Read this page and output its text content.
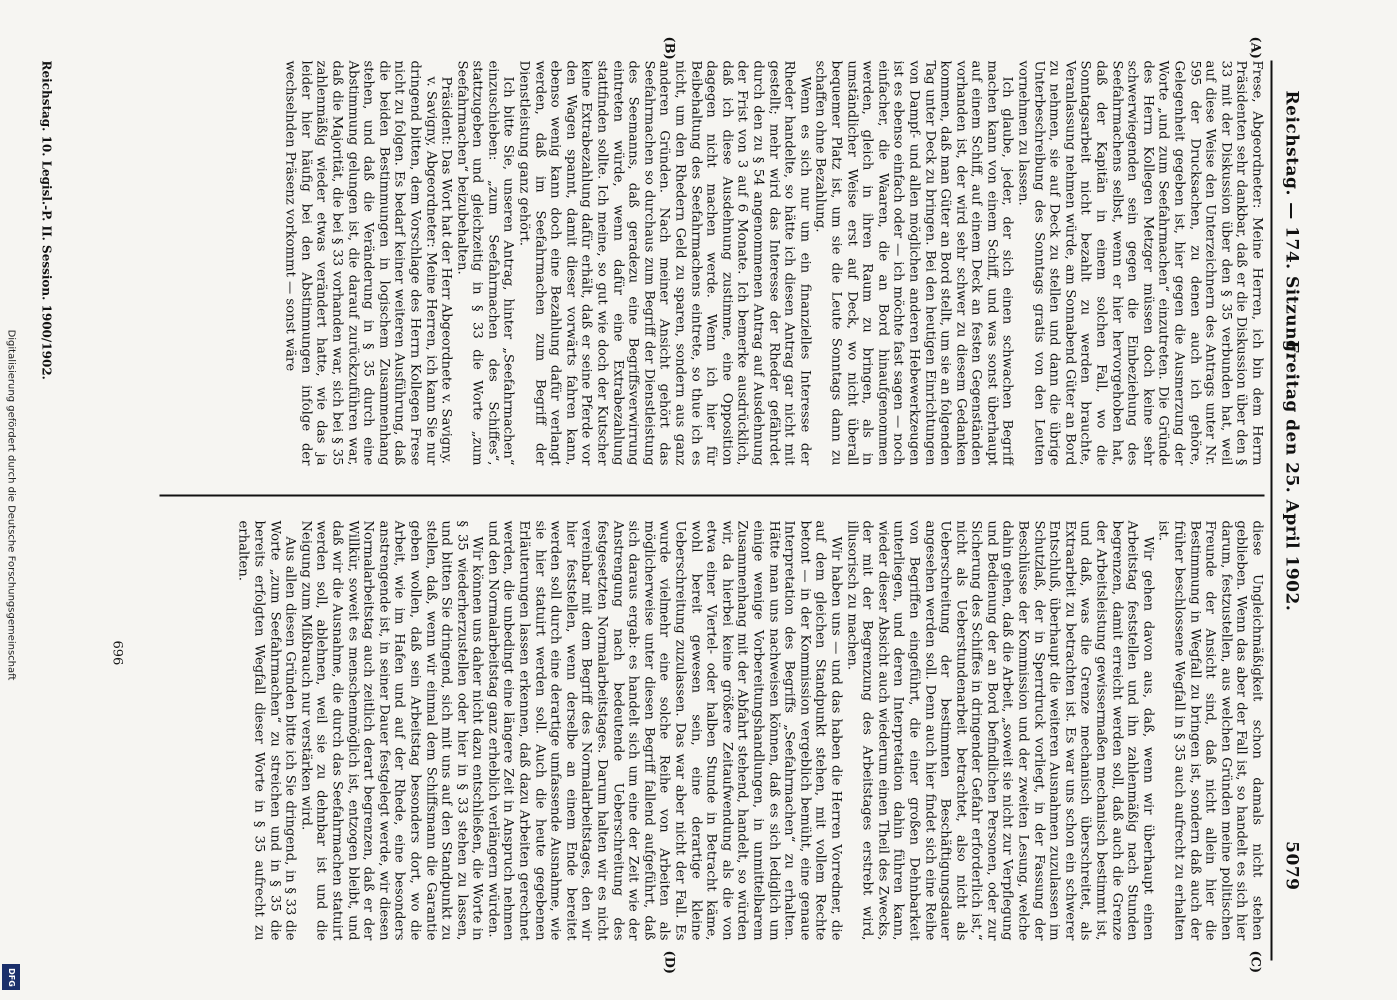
Reichstag. — 174. Sitzung.
Freitag den 25. April 1902.
5079
(A)
(B)
(C)
(D)

Frese, Abgeordneter: Meine Herren, ich bin dem Herrn Präsidenten sehr dankbar, daß er die Diskussion über den § 33 mit der Diskussion über den § 35 verbunden hat, weil auf diese Weise den Unterzeichnern des Antrags unter Nr. 595 der Drucksachen, zu denen auch ich gehöre, Gelegenheit gegeben ist, hier gegen die Ausmerzung der Worte „und zum Seefahrmachen“ einzutreten. Die Gründe des Herrn Kollegen Metzger müssen doch keine sehr schwerwiegenden sein gegen die Einbeziehung des Seefahrmachens selbst, wenn er hier hervorgehoben hat, daß der Kapitän in einem solchen Fall, wo die Sonntagsarbeit nicht bezahlt zu werden brauchte, Veranlassung nehmen würde, am Sonnabend Güter an Bord zu nehmen, sie auf Deck zu stellen und dann die übrige Unterbeschreibung des Sonntags gratis von den Leuten vornehmen zu lassen.

Ich glaube, jeder, der sich einen schwachen Begriff machen kann von einem Schiff, und was sonst überhaupt auf einem Schiff, auf einem Deck an festen Gegenständen vorhanden ist, der wird sehr schwer zu diesem Gedanken kommen, daß man Güter an Bord stellt, um sie an folgenden Tag unter Deck zu bringen. Bei den heutigen Einrichtungen von Dampf- und allen möglichen anderen Hebewerkzeugen ist es ebenso einfach oder — ich möchte fast sagen — noch einfacher, die Waaren, die an Bord hinaufgenommen werden, gleich in ihren Raum zu bringen, als in umständlicher Weise erst auf Deck, wo nicht überall bequemer Platz ist, um sie die Leute Sonntags dann zu schaffen ohne Bezahlung.

Wenn es sich nur um ein finanzielles Interesse der Rheder handelte, so hätte ich diesen Antrag gar nicht mit gestellt; mehr wird das Interesse der Rheder gefährdet durch den zu § 54 angenommenen Antrag auf Ausdehnung der Frist von 3 auf 6 Monate. Ich bemerke ausdrücklich, daß ich diese Ausdehnung zustimme, eine Opposition dagegen nicht machen werde. Wenn ich hier für Beibehaltung des Seefahrmachens eintrete, so thue ich es nicht, um den Rhedern Geld zu sparen, sondern aus ganz anderen Gründen. Nach meiner Ansicht gehört das Seefahrmachen so durchaus zum Begriff der Dienstleistung des Seemanns, daß geradezu eine Begriffsverwirrung eintreten würde, wenn dafür eine Extrabezahlung stattfinden sollte. Ich meine, so gut wie doch der Kutscher keine Extrabezahlung dafür erhält, daß er seine Pferde vor den Wagen spannt, damit dieser vorwärts fahren kann, ebenso wenig kann doch eine Bezahlung dafür verlangt werden, daß im Seefahrmachen zum Begriff der Dienstleistung ganz gehört.

Ich bitte Sie, unseren Antrag, hinter „Seefahrmachen“ einzuschieben: „zum Seefahrmachen des Schiffes“, stattzugeben und gleichzeitig in § 33 die Worte „zum Seefahrmachen“ beizubehalten.

Präsident: Das Wort hat der Herr Abgeordnete v. Savigny.

v. Savigny, Abgeordneter: Meine Herren, ich kann Sie nur dringend bitten, dem Vorschlage des Herrn Kollegen Frese nicht zu folgen. Es bedarf keiner weiteren Ausführung, daß die beiden Bestimmungen in logischem Zusammenhang stehen, und daß die Veränderung in § 35 durch eine Abstimmung gelungen ist, die darauf zurückzuführen war, daß die Majorität, die bei § 33 vorhanden war, sich bei § 35 zahlenmäßig wieder etwas verändert hatte, wie das ja leider hier häufig bei den Abstimmungen infolge der wechselnden Präsenz vorkommt — sonst wäre

diese Ungleichmäßigkeit schon damals nicht stehen geblieben. Wenn das aber der Fall ist, so handelt es sich hier darum, festzustellen, aus welchen Gründen meine politischen Freunde der Ansicht sind, daß nicht allein hier die Bestimmung in Wegfall zu bringen ist, sondern daß auch der früher beschlossene Wegfall in § 35 auch aufrecht zu erhalten ist.

Wir gehen davon aus, daß, wenn wir überhaupt einen Arbeitstag feststellen und ihn zahlenmäßig nach Stunden begrenzen, damit erreicht werden soll, daß auch die Grenze der Arbeitsleistung gewissermaßen mechanisch bestimmt ist, und daß, was die Grenze mechanisch überschreitet, als Extraarbeit zu betrachten ist. Es war uns schon ein schwerer Entschluß, überhaupt die weiteren Ausnahmen zuzulassen im Schutzlaß, der in Sperrdruck vorliegt, in der Fassung der Beschlüsse der Kommission und der zweiten Lesung, welche dahin gehen, daß die Arbeit, „soweit sie nicht zur Verpflegung und Bedienung der an Bord befindlichen Personen, oder zur Sicherung des Schiffes in dringender Gefahr erforderlich ist,“ nicht als Ueberstundenarbeit betrachtet, also nicht als Ueberschreitung der bestimmten Beschäftigungsdauer angesehen werden soll. Denn auch hier findet sich eine Reihe von Begriffen eingeführt, die einer großen Dehnbarkeit unterliegen, und deren Interpretation dahin führen kann, wieder dieser Absicht auch wiederum einen Theil des Zwecks, der mit der Begrenzung des Arbeitstages erstrebt wird, illusorisch zu machen.

Wir haben uns — und das haben die Herren Vorredner, die auf dem gleichen Standpunkt stehen, mit vollem Rechte betont — in der Kommission vergeblich bemüht, eine genaue Interpretation des Begriffs „Seefahrmachen“ zu erhalten. Hätte man uns nachweisen können, daß es sich lediglich um einige wenige Vorbereitungshandlungen, in unmittelbarem Zusammenhang mit der Abfahrt stehend, handelt, so würden wir, da hierbei keine größere Zeitaufwendung als die von etwa einer Viertel- oder halben Stunde in Betracht käme, wohl bereit gewesen sein, eine derartige kleine Ueberschreitung zuzulassen. Das war aber nicht der Fall. Es wurde vielmehr eine solche Reihe von Arbeiten als möglicherweise unter diesen Begriff fallend aufgeführt, daß sich daraus ergab: es handelt sich um eine der Zeit wie der Anstrengung nach bedeutende Ueberschreitung des festgesetzten Normalarbeitstages. Darum halten wir es nicht vereinbar mit dem Begriff des Normalarbeitstages, den wir hier feststellen, wenn derselbe an einem Ende bereitet werden soll durch eine derartige umfassende Ausnahme, wie sie hier statuirt werden soll. Auch die heute gegebenen Erläuterungen lassen erkennen, daß dazu Arbeiten gerechnet werden, die unbedingt eine längere Zeit in Anspruch nehmen und den Normalarbeitstag ganz erheblich verlängern würden.

Wir können uns daher nicht dazu entschließen, die Worte in § 35 wiederherzustellen oder hier in § 33 stehen zu lassen, und bitten Sie dringend, sich mit uns auf den Standpunkt zu stellen, daß, wenn wir einmal dem Schiffsmann die Garantie geben wollen, daß sein Arbeitstag besonders dort, wo die Arbeit, wie im Hafen und auf der Rhede, eine besonders anstrengende ist, in seiner Dauer festgelegt werde, wir diesen Normalarbeitstag auch zeitlich derart begrenzen, daß er der Willkür, soweit es menschenmöglich ist, entzogen bleibt, und daß wir die Ausnahme, die durch das Seefahrmachen statuirt werden soll, ablehnen, weil sie zu dehnbar ist und die Neigung zum Mißbrauch nur verstärken wird.

Aus allen diesen Gründen bitte ich Sie dringend, in § 33 die Worte „zum Seefahrmachen“ zu streichen und in § 35 die bereits erfolgten Wegfall dieser Worte in § 35 aufrecht zu erhalten.

Reichstag. 10. Legisl.-P. II. Session. 1900/1902.
696
Digitalisierung gefördert durch die Deutsche Forschungsgemeinschaft
DFG
